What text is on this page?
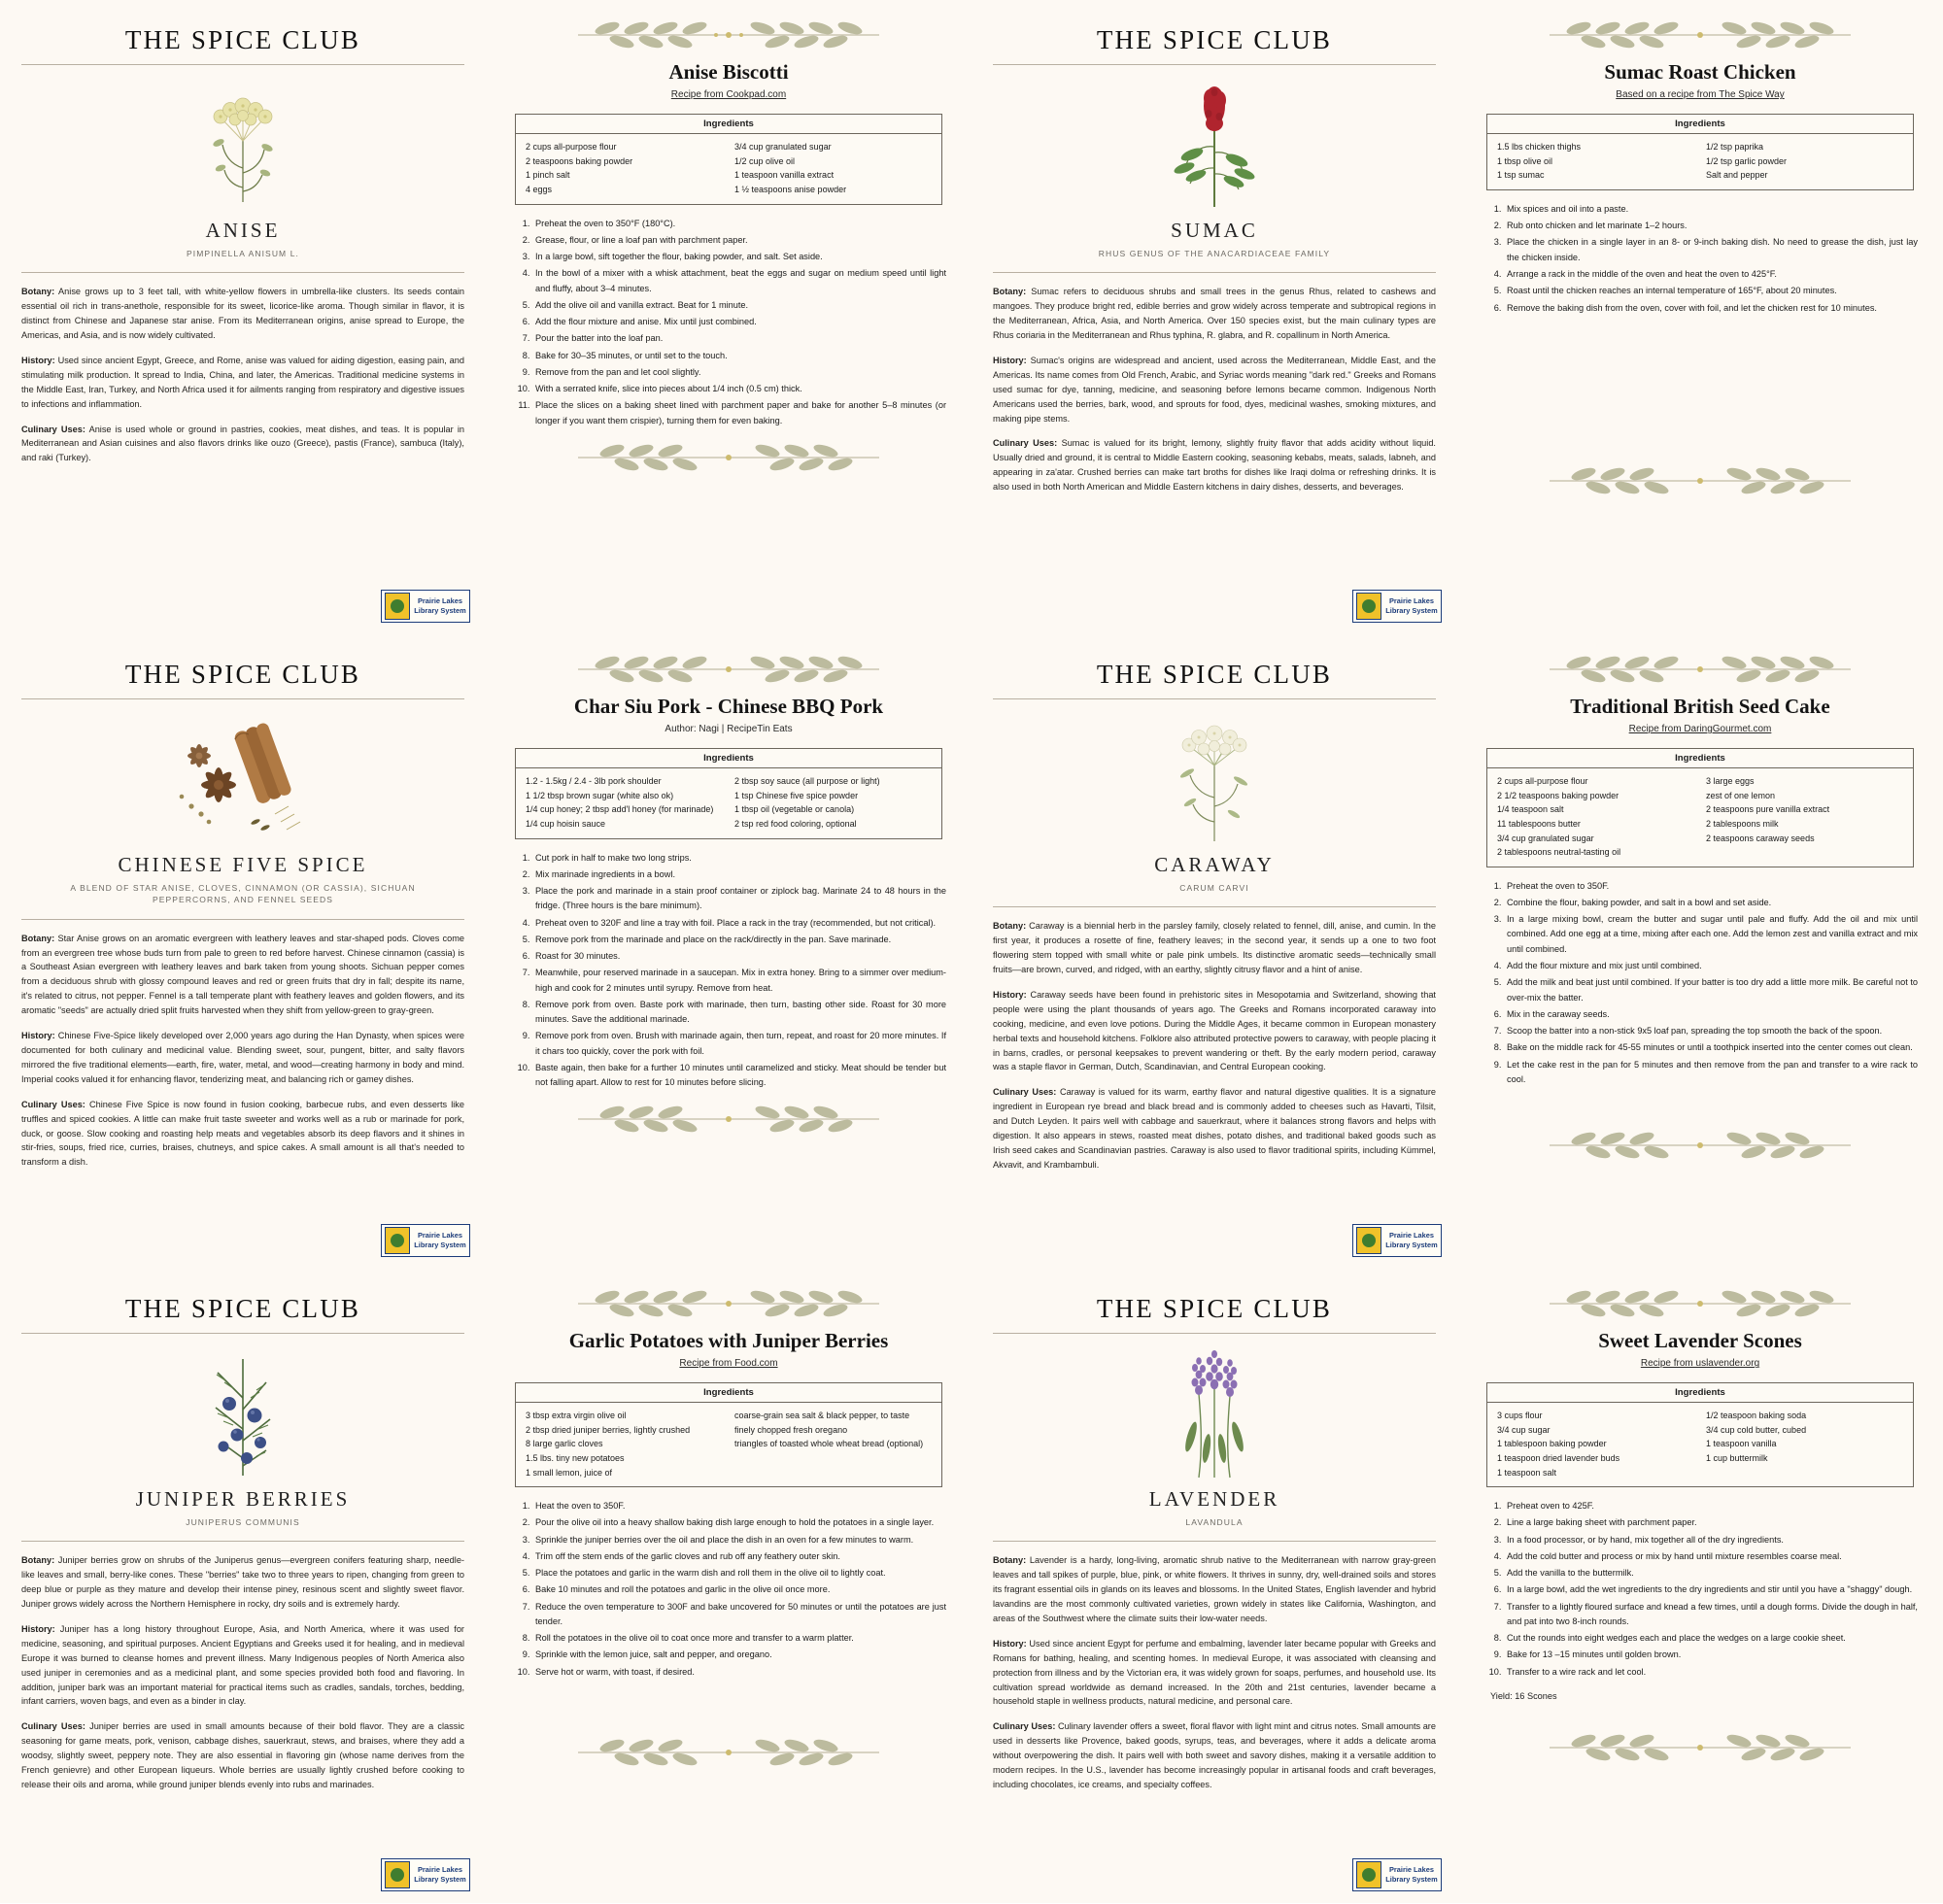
THE SPICE CLUB
ANISE
PIMPINELLA ANISUM L.

Botany: Anise grows up to 3 feet tall, with white-yellow flowers in umbrella-like clusters. Its seeds contain essential oil rich in trans-anethole, responsible for its sweet, licorice-like aroma. Though similar in flavor, it is distinct from Chinese and Japanese star anise. From its Mediterranean origins, anise spread to Europe, the Americas, and Asia, and is now widely cultivated.

History: Used since ancient Egypt, Greece, and Rome, anise was valued for aiding digestion, easing pain, and stimulating milk production. It spread to India, China, and later, the Americas. Traditional medicine systems in the Middle East, Iran, Turkey, and North Africa used it for ailments ranging from respiratory and digestive issues to infections and inflammation.

Culinary Uses: Anise is used whole or ground in pastries, cookies, meat dishes, and teas. It is popular in Mediterranean and Asian cuisines and also flavors drinks like ouzo (Greece), pastis (France), sambuca (Italy), and raki (Turkey).

Prairie Lakes
Library System
Anise Biscotti
Recipe from Cookpad.com
Ingredients
2 cups all-purpose flour
2 teaspoons baking powder
1 pinch salt
4 eggs
3/4 cup granulated sugar
1/2 cup olive oil
1 teaspoon vanilla extract
1 ½ teaspoons anise powder
1. Preheat the oven to 350°F (180°C).
2. Grease, flour, or line a loaf pan with parchment paper.
3. In a large bowl, sift together the flour, baking powder, and salt. Set aside.
4. In the bowl of a mixer with a whisk attachment, beat the eggs and sugar on medium speed until light and fluffy, about 3–4 minutes.
5. Add the olive oil and vanilla extract. Beat for 1 minute.
6. Add the flour mixture and anise. Mix until just combined.
7. Pour the batter into the loaf pan.
8. Bake for 30–35 minutes, or until set to the touch.
9. Remove from the pan and let cool slightly.
10. With a serrated knife, slice into pieces about 1/4 inch (0.5 cm) thick.
11. Place the slices on a baking sheet lined with parchment paper and bake for another 5–8 minutes (or longer if you want them crispier), turning them for even baking.
THE SPICE CLUB
SUMAC
RHUS GENUS OF THE ANACARDIACEAE FAMILY

Botany: Sumac refers to deciduous shrubs and small trees in the genus Rhus, related to cashews and mangoes. They produce bright red, edible berries and grow widely across temperate and subtropical regions in the Mediterranean, Africa, Asia, and North America. Over 150 species exist, but the main culinary types are Rhus coriaria in the Mediterranean and Rhus typhina, R. glabra, and R. copallinum in North America.

History: Sumac's origins are widespread and ancient, used across the Mediterranean, Middle East, and the Americas. Its name comes from Old French, Arabic, and Syriac words meaning "dark red." Greeks and Romans used sumac for dye, tanning, medicine, and seasoning before lemons became common. Indigenous North Americans used the berries, bark, wood, and sprouts for food, dyes, medicinal washes, smoking mixtures, and making pipe stems.

Culinary Uses: Sumac is valued for its bright, lemony, slightly fruity flavor that adds acidity without liquid. Usually dried and ground, it is central to Middle Eastern cooking, seasoning kebabs, meats, salads, labneh, and appearing in za'atar. Crushed berries can make tart broths for dishes like Iraqi dolma or refreshing drinks. It is also used in both North American and Middle Eastern kitchens in dairy dishes, desserts, and beverages.

Prairie Lakes
Library System
Sumac Roast Chicken
Based on a recipe from The Spice Way
Ingredients
1.5 lbs chicken thighs
1 tbsp olive oil
1 tsp sumac
1/2 tsp paprika
1/2 tsp garlic powder
Salt and pepper
1. Mix spices and oil into a paste.
2. Rub onto chicken and let marinate 1–2 hours.
3. Place the chicken in a single layer in an 8- or 9-inch baking dish. No need to grease the dish, just lay the chicken inside.
4. Arrange a rack in the middle of the oven and heat the oven to 425°F.
5. Roast until the chicken reaches an internal temperature of 165°F, about 20 minutes.
6. Remove the baking dish from the oven, cover with foil, and let the chicken rest for 10 minutes.
THE SPICE CLUB
CHINESE FIVE SPICE
A BLEND OF STAR ANISE, CLOVES, CINNAMON (OR CASSIA), SICHUAN PEPPERCORNS, AND FENNEL SEEDS

Botany: Star Anise grows on an aromatic evergreen with leathery leaves and star-shaped pods. Cloves come from an evergreen tree whose buds turn from pale to green to red before harvest. Chinese cinnamon (cassia) is a Southeast Asian evergreen with leathery leaves and bark taken from young shoots. Sichuan pepper comes from a deciduous shrub with glossy compound leaves and red or green fruits that dry in fall; despite its name, it's related to citrus, not pepper. Fennel is a tall temperate plant with feathery leaves and golden flowers, and its aromatic "seeds" are actually dried split fruits harvested when they shift from yellow-green to gray-green.

History: Chinese Five-Spice likely developed over 2,000 years ago during the Han Dynasty, when spices were documented for both culinary and medicinal value. Blending sweet, sour, pungent, bitter, and salty flavors mirrored the five traditional elements—earth, fire, water, metal, and wood—creating harmony in body and mind. Imperial cooks valued it for enhancing flavor, tenderizing meat, and balancing rich or gamey dishes.

Culinary Uses: Chinese Five Spice is now found in fusion cooking, barbecue rubs, and even desserts like truffles and spiced cookies. A little can make fruit taste sweeter and works well as a rub or marinade for pork, duck, or goose. Slow cooking and roasting help meats and vegetables absorb its deep flavors and it shines in stir-fries, soups, fried rice, curries, braises, chutneys, and spice cakes. A small amount is all that's needed to transform a dish.

Prairie Lakes
Library System
Char Siu Pork - Chinese BBQ Pork
Author: Nagi | RecipeTin Eats
Ingredients
1.2 - 1.5kg / 2.4 - 3lb pork shoulder
1 1/2 tbsp brown sugar (white also ok)
1/4 cup honey; 2 tbsp add'l honey (for marinade)
1/4 cup hoisin sauce
2 tbsp soy sauce (all purpose or light)
1 tsp Chinese five spice powder
1 tbsp oil (vegetable or canola)
2 tsp red food coloring, optional
1. Cut pork in half to make two long strips.
2. Mix marinade ingredients in a bowl.
3. Place the pork and marinade in a stain proof container or ziplock bag. Marinate 24 to 48 hours in the fridge. (Three hours is the bare minimum).
4. Preheat oven to 320F and line a tray with foil. Place a rack in the tray (recommended, but not critical).
5. Remove pork from the marinade and place on the rack/directly in the pan. Save marinade.
6. Roast for 30 minutes.
7. Meanwhile, pour reserved marinade in a saucepan. Mix in extra honey. Bring to a simmer over medium-high and cook for 2 minutes until syrupy. Remove from heat.
8. Remove pork from oven. Baste pork with marinade, then turn, basting other side. Roast for 30 more minutes. Save the additional marinade.
9. Remove pork from oven. Brush with marinade again, then turn, repeat, and roast for 20 more minutes. If it chars too quickly, cover the pork with foil.
10. Baste again, then bake for a further 10 minutes until caramelized and sticky. Meat should be tender but not falling apart. Allow to rest for 10 minutes before slicing.
THE SPICE CLUB
CARAWAY
CARUM CARVI

Botany: Caraway is a biennial herb in the parsley family, closely related to fennel, dill, anise, and cumin. In the first year, it produces a rosette of fine, feathery leaves; in the second year, it sends up a one to two foot flowering stem topped with small white or pale pink umbels. Its distinctive aromatic seeds—technically small fruits—are brown, curved, and ridged, with an earthy, slightly citrusy flavor and a hint of anise.

History: Caraway seeds have been found in prehistoric sites in Mesopotamia and Switzerland, showing that people were using the plant thousands of years ago. The Greeks and Romans incorporated caraway into cooking, medicine, and even love potions. During the Middle Ages, it became common in European monastery herbal texts and household kitchens. Folklore also attributed protective powers to caraway, with people placing it in barns, cradles, or personal keepsakes to prevent wandering or theft. By the early modern period, caraway was a staple flavor in German, Dutch, Scandinavian, and Central European cooking.

Culinary Uses: Caraway is valued for its warm, earthy flavor and natural digestive qualities. It is a signature ingredient in European rye bread and black bread and is commonly added to cheeses such as Havarti, Tilsit, and Dutch Leyden. It pairs well with cabbage and sauerkraut, where it balances strong flavors and helps with digestion. It also appears in stews, roasted meat dishes, potato dishes, and traditional baked goods such as Irish seed cakes and Scandinavian pastries. Caraway is also used to flavor traditional spirits, including Kümmel, Akvavit, and Krambambuli.

Prairie Lakes
Library System
Traditional British Seed Cake
Recipe from DaringGourmet.com
Ingredients
2 cups all-purpose flour
2 1/2 teaspoons baking powder
1/4 teaspoon salt
11 tablespoons butter
3/4 cup granulated sugar
2 tablespoons neutral-tasting oil
3 large eggs
zest of one lemon
2 teaspoons pure vanilla extract
2 tablespoons milk
2 teaspoons caraway seeds
1. Preheat the oven to 350F.
2. Combine the flour, baking powder, and salt in a bowl and set aside.
3. In a large mixing bowl, cream the butter and sugar until pale and fluffy. Add the oil and mix until combined. Add one egg at a time, mixing after each one. Add the lemon zest and vanilla extract and mix until combined.
4. Add the flour mixture and mix just until combined.
5. Add the milk and beat just until combined. If your batter is too dry add a little more milk. Be careful not to over-mix the batter.
6. Mix in the caraway seeds.
7. Scoop the batter into a non-stick 9x5 loaf pan, spreading the top smooth the back of the spoon.
8. Bake on the middle rack for 45-55 minutes or until a toothpick inserted into the center comes out clean.
9. Let the cake rest in the pan for 5 minutes and then remove from the pan and transfer to a wire rack to cool.
THE SPICE CLUB
JUNIPER BERRIES
JUNIPERUS COMMUNIS

Botany: Juniper berries grow on shrubs of the Juniperus genus—evergreen conifers featuring sharp, needle-like leaves and small, berry-like cones. These "berries" take two to three years to ripen, changing from green to deep blue or purple as they mature and develop their intense piney, resinous scent and slightly sweet flavor. Juniper grows widely across the Northern Hemisphere in rocky, dry soils and is extremely hardy.

History: Juniper has a long history throughout Europe, Asia, and North America, where it was used for medicine, seasoning, and spiritual purposes. Ancient Egyptians and Greeks used it for healing, and in medieval Europe it was burned to cleanse homes and prevent illness. Many Indigenous peoples of North America also used juniper in ceremonies and as a medicinal plant, and some species provided both food and flavoring. In addition, juniper bark was an important material for practical items such as cradles, sandals, torches, bedding, infant carriers, woven bags, and even as a binder in clay.

Culinary Uses: Juniper berries are used in small amounts because of their bold flavor. They are a classic seasoning for game meats, pork, venison, cabbage dishes, sauerkraut, stews, and braises, where they add a woodsy, slightly sweet, peppery note. They are also essential in flavoring gin (whose name derives from the French genievre) and other European liqueurs. Whole berries are usually lightly crushed before cooking to release their oils and aroma, while ground juniper blends evenly into rubs and marinades.

Prairie Lakes
Library System
Garlic Potatoes with Juniper Berries
Recipe from Food.com
Ingredients
3 tbsp extra virgin olive oil
2 tbsp dried juniper berries, lightly crushed
8 large garlic cloves
1.5 lbs. tiny new potatoes
1 small lemon, juice of
coarse-grain sea salt & black pepper, to taste
finely chopped fresh oregano
triangles of toasted whole wheat bread (optional)
1. Heat the oven to 350F.
2. Pour the olive oil into a heavy shallow baking dish large enough to hold the potatoes in a single layer.
3. Sprinkle the juniper berries over the oil and place the dish in an oven for a few minutes to warm.
4. Trim off the stem ends of the garlic cloves and rub off any feathery outer skin.
5. Place the potatoes and garlic in the warm dish and roll them in the olive oil to lightly coat.
6. Bake 10 minutes and roll the potatoes and garlic in the olive oil once more.
7. Reduce the oven temperature to 300F and bake uncovered for 50 minutes or until the potatoes are just tender.
8. Roll the potatoes in the olive oil to coat once more and transfer to a warm platter.
9. Sprinkle with the lemon juice, salt and pepper, and oregano.
10. Serve hot or warm, with toast, if desired.
THE SPICE CLUB
LAVENDER
LAVANDULA

Botany: Lavender is a hardy, long-living, aromatic shrub native to the Mediterranean with narrow gray-green leaves and tall spikes of purple, blue, pink, or white flowers. It thrives in sunny, dry, well-drained soils and stores its fragrant essential oils in glands on its leaves and blossoms. In the United States, English lavender and hybrid lavandins are the most commonly cultivated varieties, grown widely in states like California, Washington, and areas of the Southwest where the climate suits their low-water needs.

History: Used since ancient Egypt for perfume and embalming, lavender later became popular with Greeks and Romans for bathing, healing, and scenting homes. In medieval Europe, it was associated with cleansing and protection from illness and by the Victorian era, it was widely grown for soaps, perfumes, and household use. Its cultivation spread worldwide as demand increased. In the 20th and 21st centuries, lavender became a household staple in wellness products, natural medicine, and personal care.

Culinary Uses: Culinary lavender offers a sweet, floral flavor with light mint and citrus notes. Small amounts are used in desserts like Provence, baked goods, syrups, teas, and beverages, where it adds a delicate aroma without overpowering the dish. It pairs well with both sweet and savory dishes, making it a versatile addition to modern recipes. In the U.S., lavender has become increasingly popular in artisanal foods and craft beverages, including chocolates, ice creams, and specialty coffees.

Prairie Lakes
Library System
Sweet Lavender Scones
Recipe from uslavender.org
Ingredients
3 cups flour
3/4 cup sugar
1 tablespoon baking powder
1 teaspoon dried lavender buds
1 teaspoon salt
1/2 teaspoon baking soda
3/4 cup cold butter, cubed
1 teaspoon vanilla
1 cup buttermilk
1. Preheat oven to 425F.
2. Line a large baking sheet with parchment paper.
3. In a food processor, or by hand, mix together all of the dry ingredients.
4. Add the cold butter and process or mix by hand until mixture resembles coarse meal.
5. Add the vanilla to the buttermilk.
6. In a large bowl, add the wet ingredients to the dry ingredients and stir until you have a "shaggy" dough.
7. Transfer to a lightly floured surface and knead a few times, until a dough forms. Divide the dough in half, and pat into two 8-inch rounds.
8. Cut the rounds into eight wedges each and place the wedges on a large cookie sheet.
9. Bake for 13 –15 minutes until golden brown.
10. Transfer to a wire rack and let cool.
Yield: 16 Scones
